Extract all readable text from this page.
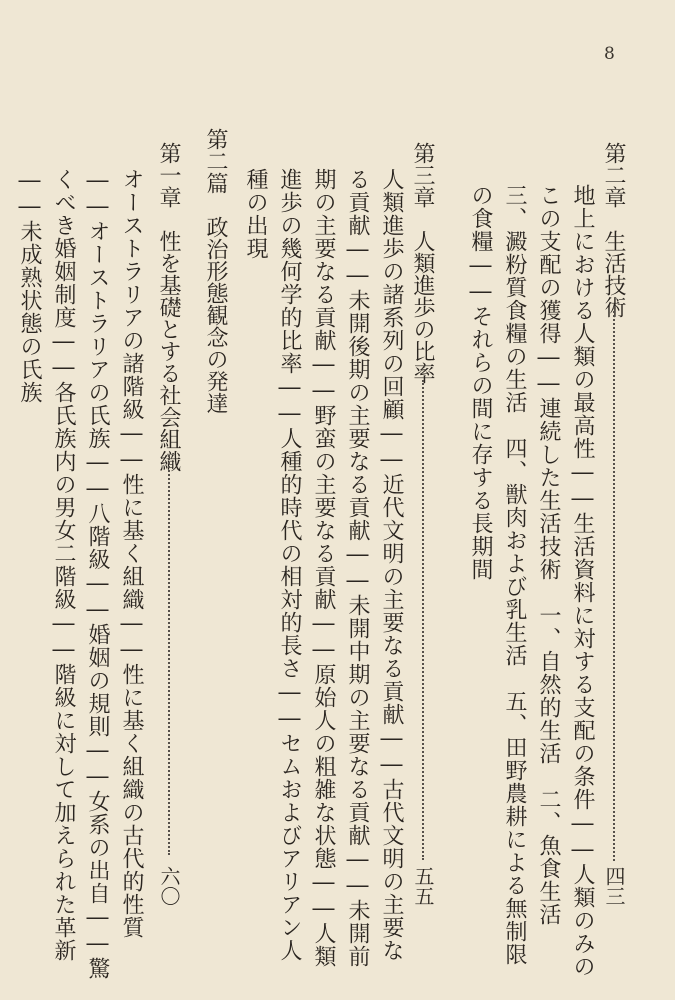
8
第二章　生活技術
四三
地上における人類の最高性――生活資料に対する支配の条件――人類のみの
この支配の獲得――連続した生活技術　一、自然的生活　二、魚食生活
三、澱粉質食糧の生活　四、獣肉および乳生活　五、田野農耕による無制限
の食糧――それらの間に存する長期間
第三章　人類進歩の比率
五五
人類進歩の諸系列の回顧――近代文明の主要なる貢献――古代文明の主要な
る貢献――未開後期の主要なる貢献――未開中期の主要なる貢献――未開前
期の主要なる貢献――野蛮の主要なる貢献――原始人の粗雑な状態――人類
進歩の幾何学的比率――人種的時代の相対的長さ――セムおよびアリアン人
種の出現
第二篇　政治形態観念の発達
第一章　性を基礎とする社会組織
六〇
オーストラリアの諸階級――性に基く組織――性に基く組織の古代的性質
――オーストラリアの氏族――八階級――婚姻の規則――女系の出自――驚
くべき婚姻制度――各氏族内の男女二階級――階級に対して加えられた革新
――未成熟状態の氏族
